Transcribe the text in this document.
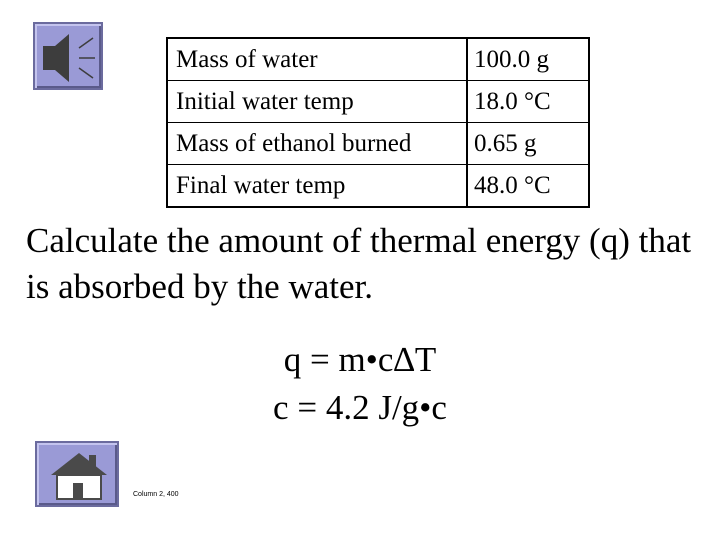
Mass of water	100.0 g
Initial water temp	18.0 °C
Mass of ethanol burned	0.65 g
Final water temp	48.0 °C
Calculate the amount of thermal energy (q) that is absorbed by the water.
q = m•c∆T
c = 4.2 J/g•c
Column 2, 400
